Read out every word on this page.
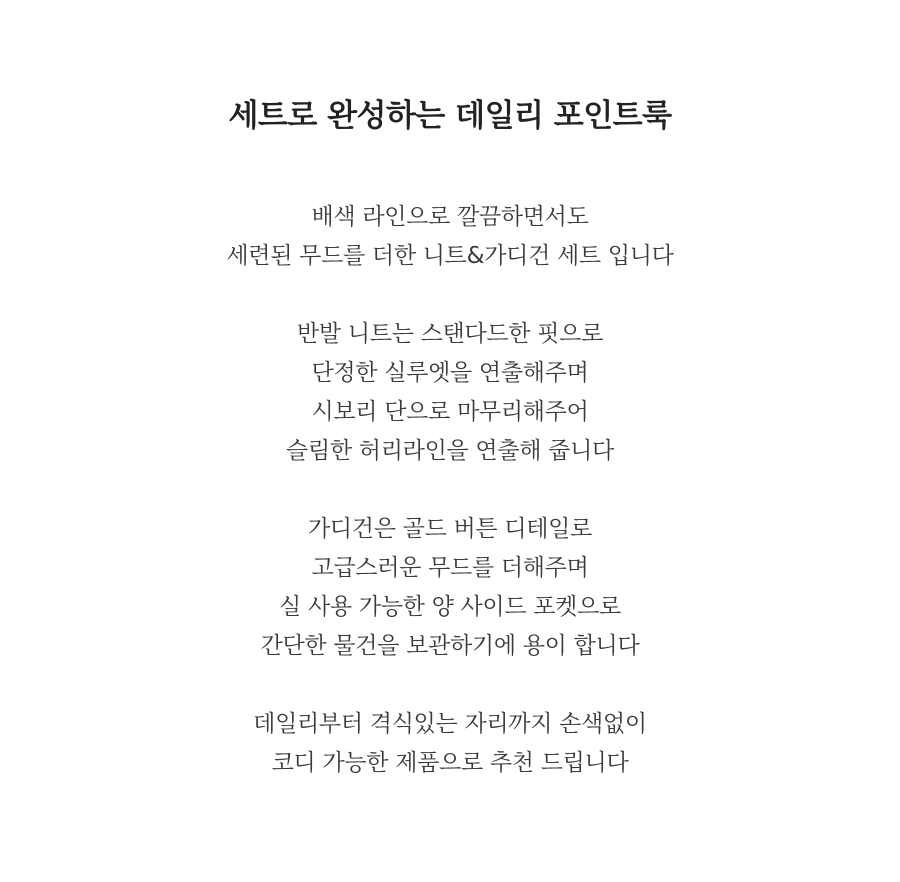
세트로 완성하는 데일리 포인트룩

배색 라인으로 깔끔하면서도
세련된 무드를 더한 니트&가디건 세트 입니다

반발 니트는 스탠다드한 핏으로
단정한 실루엣을 연출해주며
시보리 단으로 마무리해주어
슬림한 허리라인을 연출해 줍니다

가디건은 골드 버튼 디테일로
고급스러운 무드를 더해주며
실 사용 가능한 양 사이드 포켓으로
간단한 물건을 보관하기에 용이 합니다

데일리부터 격식있는 자리까지 손색없이
코디 가능한 제품으로 추천 드립니다
